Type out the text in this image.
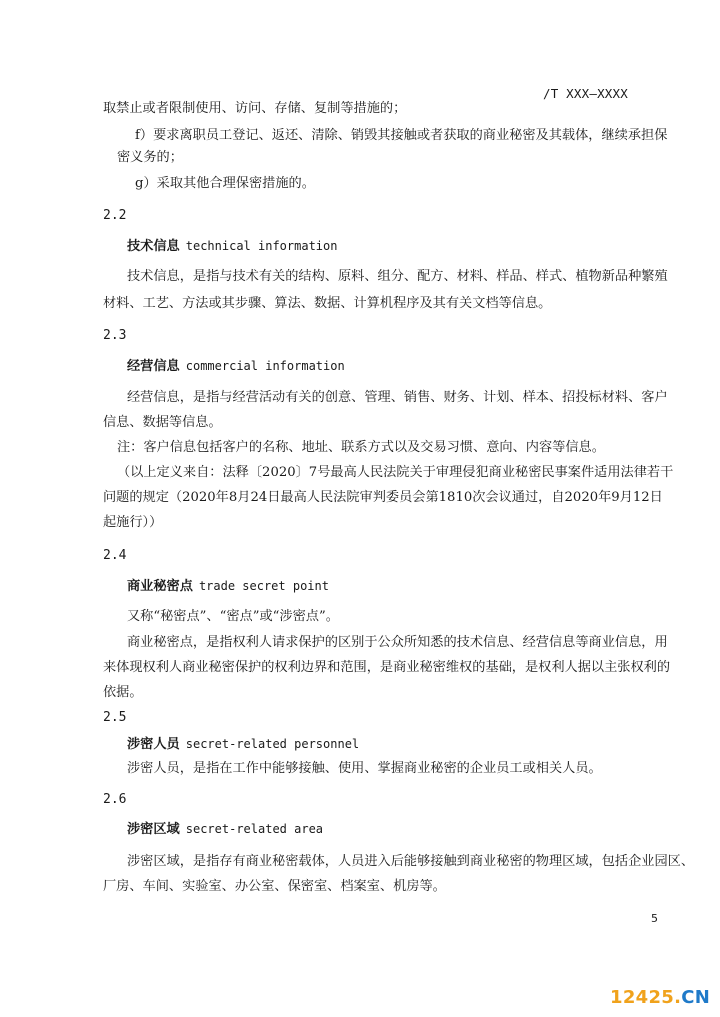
/T XXX—XXXX
取禁止或者限制使用、访问、存储、复制等措施的；
f）要求离职员工登记、返还、清除、销毁其接触或者获取的商业秘密及其载体，继续承担保
密义务的；
g）采取其他合理保密措施的。
2.2
技术信息 technical information
技术信息，是指与技术有关的结构、原料、组分、配方、材料、样品、样式、植物新品种繁殖
材料、工艺、方法或其步骤、算法、数据、计算机程序及其有关文档等信息。
2.3
经营信息 commercial information
经营信息，是指与经营活动有关的创意、管理、销售、财务、计划、样本、招投标材料、客户
信息、数据等信息。
注：客户信息包括客户的名称、地址、联系方式以及交易习惯、意向、内容等信息。
（以上定义来自：法释〔2020〕7号最高人民法院关于审理侵犯商业秘密民事案件适用法律若干
问题的规定（2020年8月24日最高人民法院审判委员会第1810次会议通过，自2020年9月12日
起施行））
2.4
商业秘密点 trade secret point
又称“秘密点”、“密点”或“涉密点”。
商业秘密点，是指权利人请求保护的区别于公众所知悉的技术信息、经营信息等商业信息，用
来体现权利人商业秘密保护的权利边界和范围，是商业秘密维权的基础，是权利人据以主张权利的
依据。
2.5
涉密人员 secret-related personnel
涉密人员，是指在工作中能够接触、使用、掌握商业秘密的企业员工或相关人员。
2.6
涉密区域 secret-related area
涉密区域，是指存有商业秘密载体，人员进入后能够接触到商业秘密的物理区域，包括企业园区、
厂房、车间、实验室、办公室、保密室、档案室、机房等。
5
12425 . CN
